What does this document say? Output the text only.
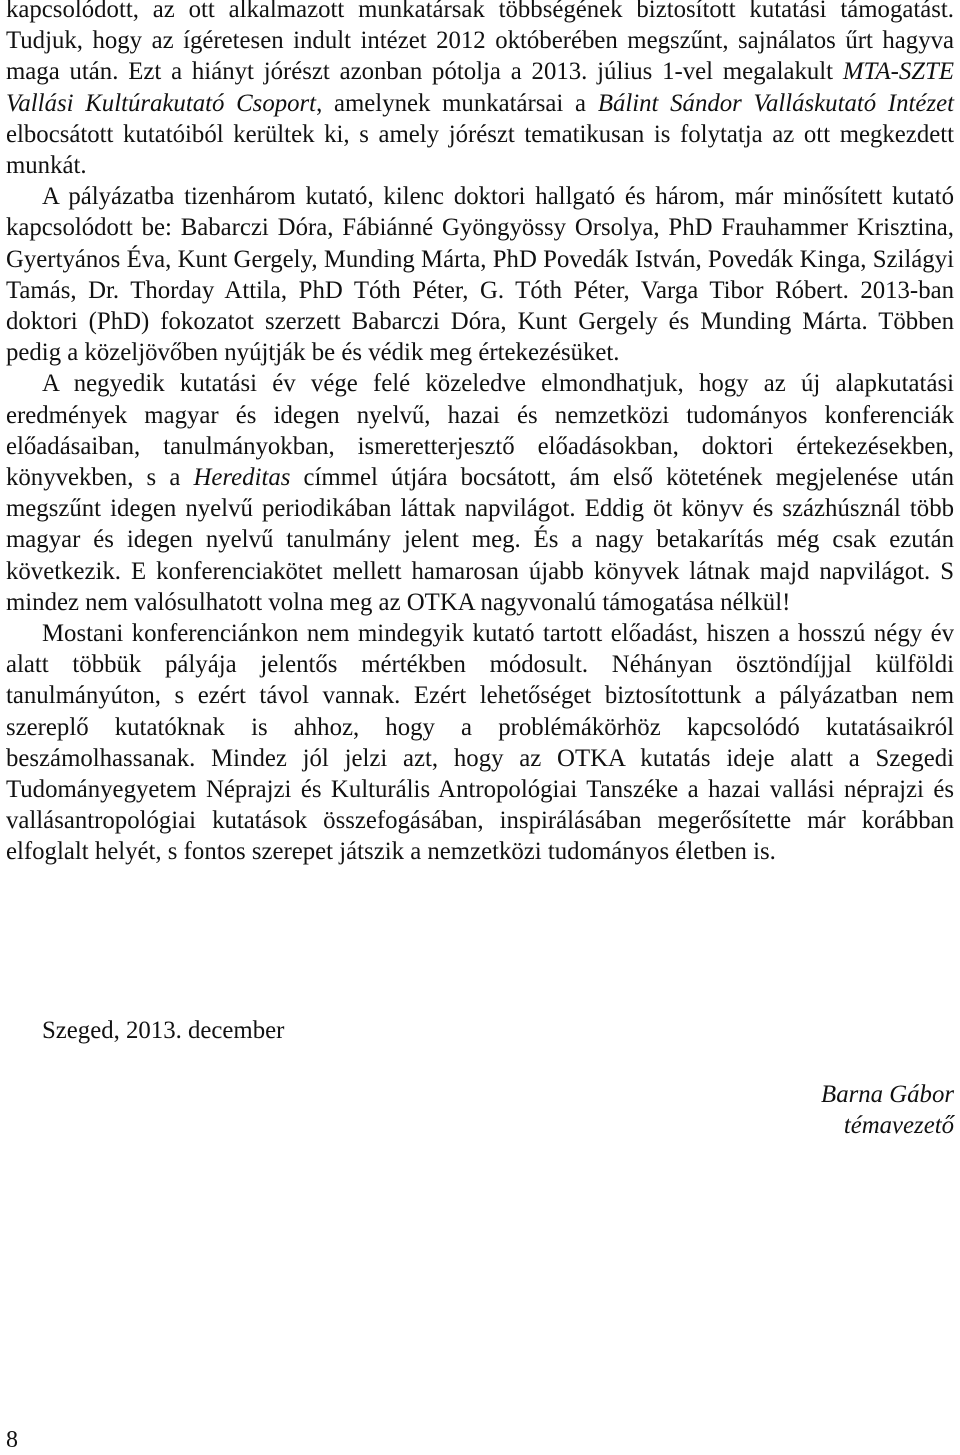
kapcsolódott, az ott alkalmazott munkatársak többségének biztosított kutatási támogatást. Tudjuk, hogy az ígéretesen indult intézet 2012 októberében megszűnt, sajnálatos űrt hagyva maga után. Ezt a hiányt jórészt azonban pótolja a 2013. július 1-vel megalakult MTA-SZTE Vallási Kultúrakutató Csoport, amelynek munkatársai a Bálint Sándor Valláskutató Intézet elbocsátott kutatóiból kerültek ki, s amely jórészt tematikusan is folytatja az ott megkezdett munkát.

A pályázatba tizenhárom kutató, kilenc doktori hallgató és három, már minősített kutató kapcsolódott be: Babarczi Dóra, Fábiánné Gyöngyössy Orsolya, PhD Frauhammer Krisztina, Gyertyános Éva, Kunt Gergely, Munding Márta, PhD Povedák István, Povedák Kinga, Szilágyi Tamás, Dr. Thorday Attila, PhD Tóth Péter, G. Tóth Péter, Varga Tibor Róbert. 2013-ban doktori (PhD) fokozatot szerzett Babarczi Dóra, Kunt Gergely és Munding Márta. Többen pedig a közeljövőben nyújtják be és védik meg értekezésüket.

A negyedik kutatási év vége felé közeledve elmondhatjuk, hogy az új alapkutatási eredmények magyar és idegen nyelvű, hazai és nemzetközi tudományos konferenciák előadásaiban, tanulmányokban, ismeretterjesztő előadásokban, doktori értekezésekben, könyvekben, s a Hereditas címmel útjára bocsátott, ám első kötetének megjelenése után megszűnt idegen nyelvű periodikában láttak napvilágot. Eddig öt könyv és százhúsznál több magyar és idegen nyelvű tanulmány jelent meg. És a nagy betakarítás még csak ezután következik. E konferenciakötet mellett hamarosan újabb könyvek látnak majd napvilágot. S mindez nem valósulhatott volna meg az OTKA nagyvonalú támogatása nélkül!

Mostani konferenciánkon nem mindegyik kutató tartott előadást, hiszen a hosszú négy év alatt többük pályája jelentős mértékben módosult. Néhányan ösztöndíjjal külföldi tanulmányúton, s ezért távol vannak. Ezért lehetőséget biztosítottunk a pályázatban nem szereplő kutatóknak is ahhoz, hogy a problémákörhöz kapcsolódó kutatásaikról beszámolhassanak. Mindez jól jelzi azt, hogy az OTKA kutatás ideje alatt a Szegedi Tudományegyetem Néprajzi és Kulturális Antropológiai Tanszéke a hazai vallási néprajzi és vallásantropológiai kutatások összefogásában, inspirálásában megerősítette már korábban elfoglalt helyét, s fontos szerepet játszik a nemzetközi tudományos életben is.

Szeged, 2013. december
Barna Gábor
témavezető
8
